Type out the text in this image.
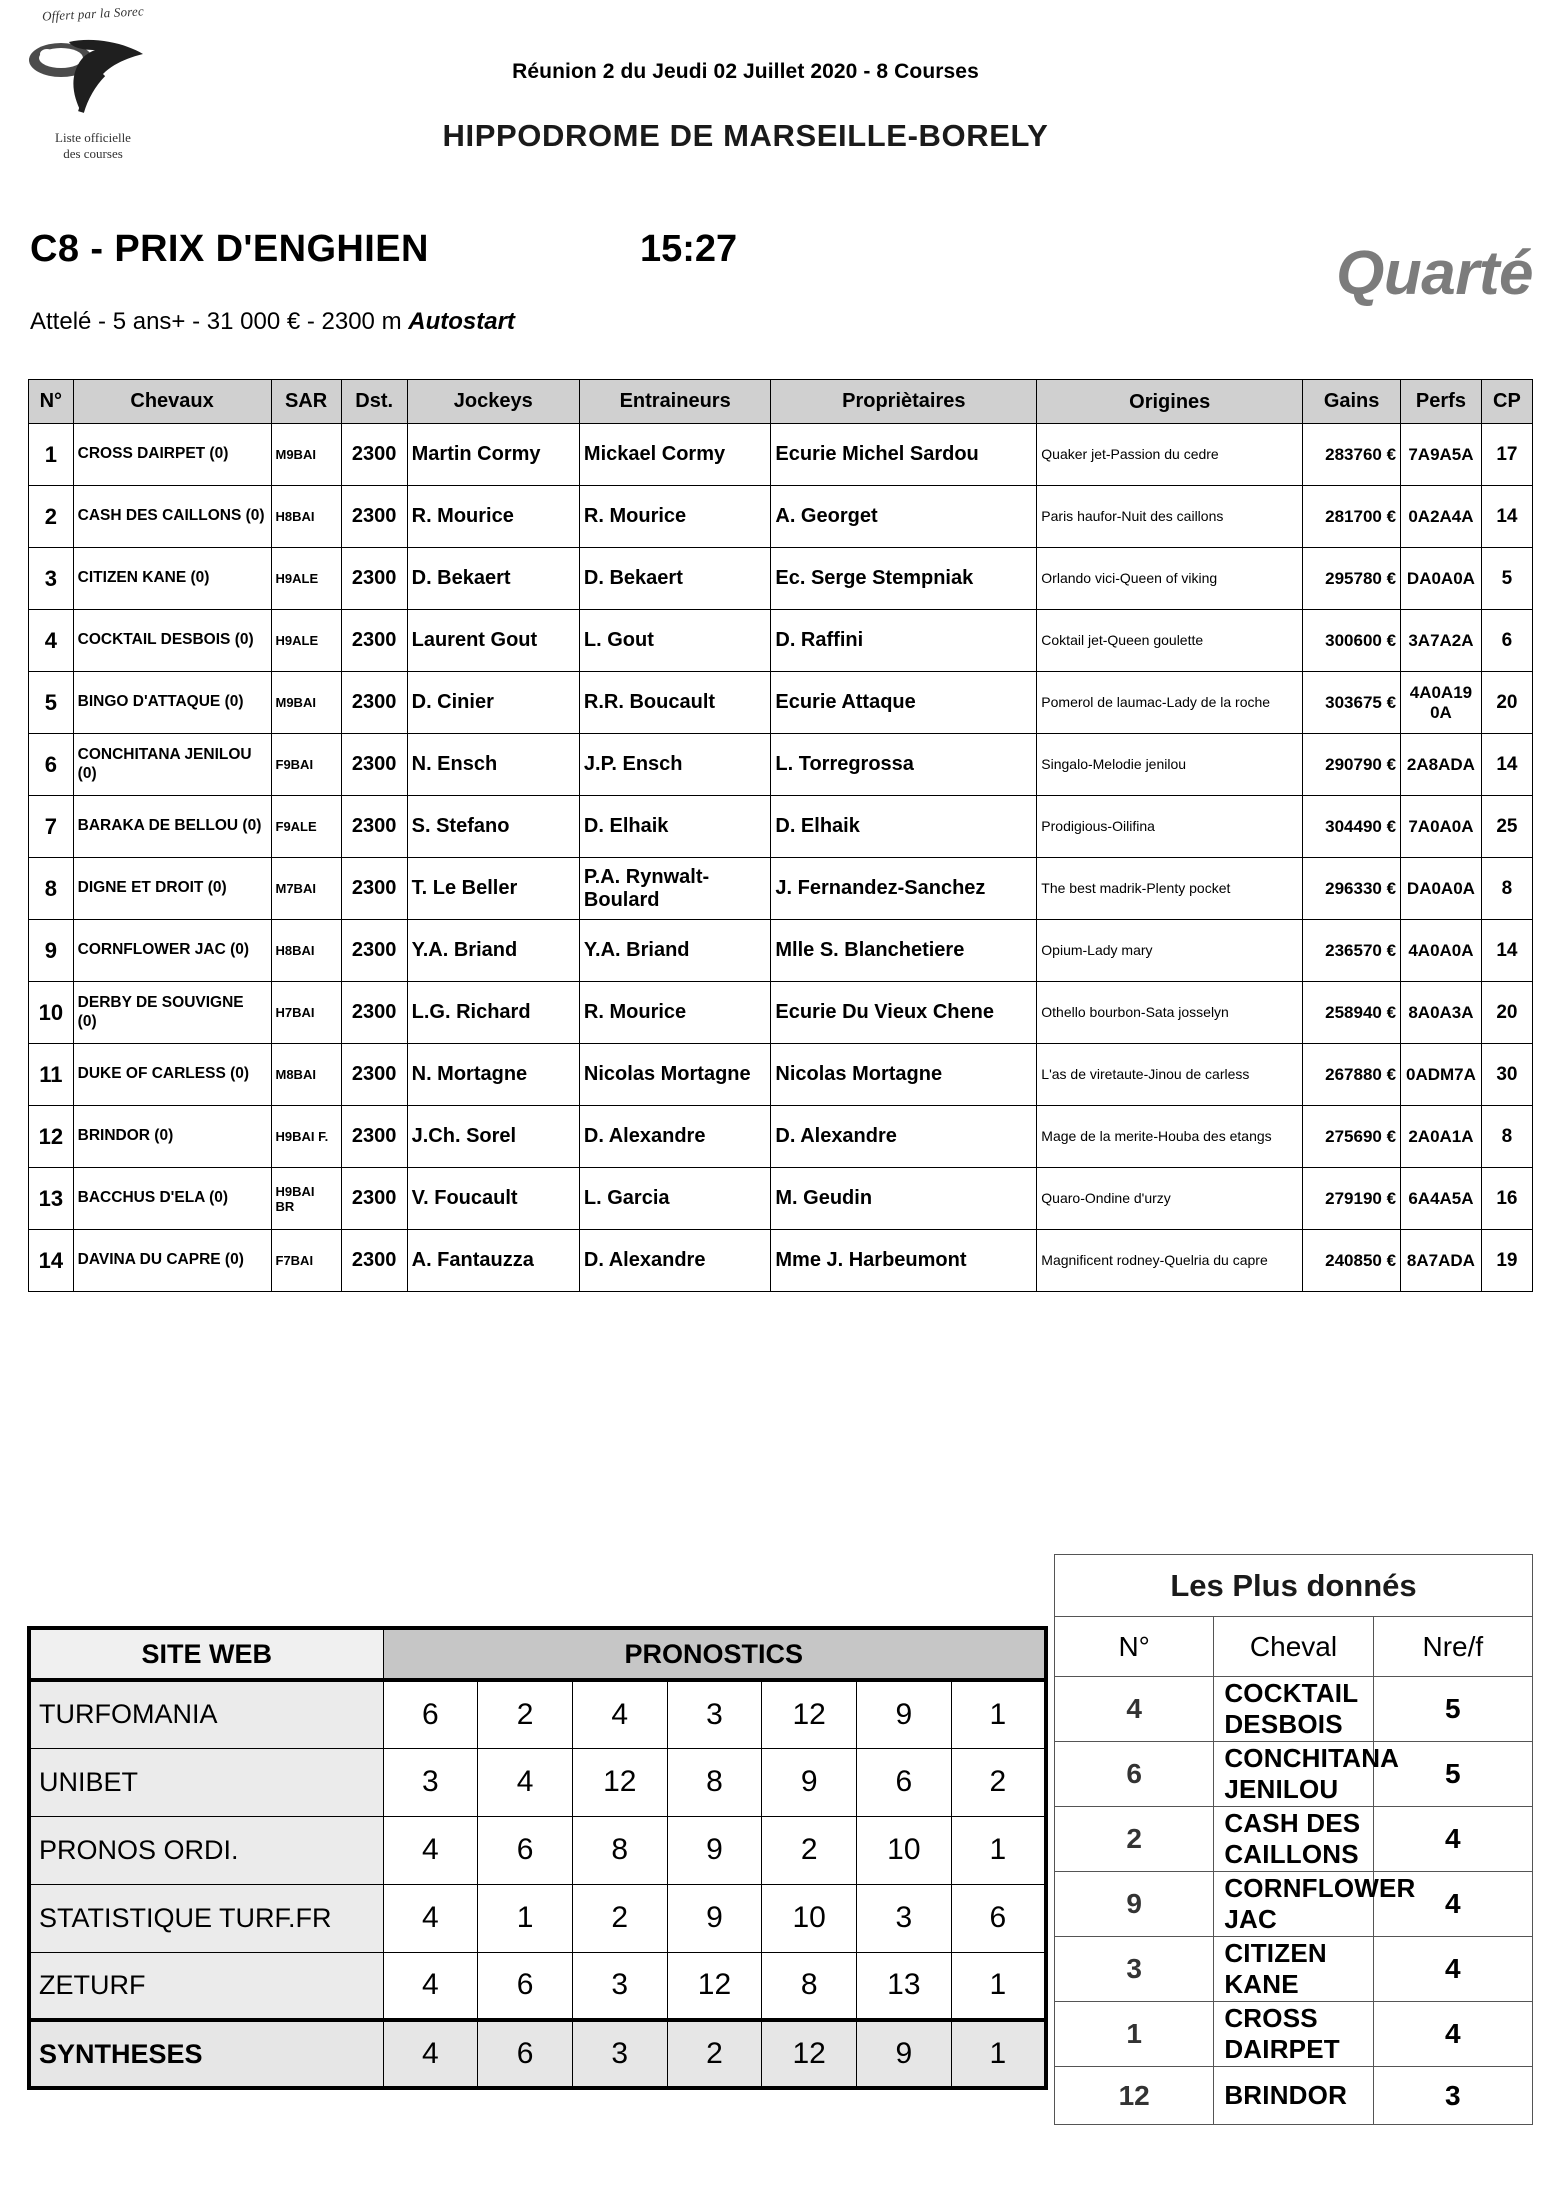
Offert par la Sorec
Liste officielle
des courses
Réunion 2 du Jeudi 02 Juillet 2020 - 8 Courses
HIPPODROME DE MARSEILLE-BORELY
C8 - PRIX D'ENGHIEN	15:27
Attelé - 5 ans+ - 31 000 € - 2300 m Autostart
Quarté
N°	Chevaux	SAR	Dst.	Jockeys	Entraineurs	Propriètaires	Origines	Gains	Perfs	CP
1	CROSS DAIRPET (0)	M9BAI	2300	Martin Cormy	Mickael Cormy	Ecurie Michel Sardou	Quaker jet-Passion du cedre	283760 €	7A9A5A	17
2	CASH DES CAILLONS (0)	H8BAI	2300	R. Mourice	R. Mourice	A. Georget	Paris haufor-Nuit des caillons	281700 €	0A2A4A	14
3	CITIZEN KANE (0)	H9ALE	2300	D. Bekaert	D. Bekaert	Ec. Serge Stempniak	Orlando vici-Queen of viking	295780 €	DA0A0A	5
4	COCKTAIL DESBOIS (0)	H9ALE	2300	Laurent Gout	L. Gout	D. Raffini	Coktail jet-Queen goulette	300600 €	3A7A2A	6
5	BINGO D'ATTAQUE (0)	M9BAI	2300	D. Cinier	R.R. Boucault	Ecurie Attaque	Pomerol de laumac-Lady de la roche	303675 €	4A0A19 0A	20
6	CONCHITANA JENILOU (0)	F9BAI	2300	N. Ensch	J.P. Ensch	L. Torregrossa	Singalo-Melodie jenilou	290790 €	2A8ADA	14
7	BARAKA DE BELLOU (0)	F9ALE	2300	S. Stefano	D. Elhaik	D. Elhaik	Prodigious-Oilifina	304490 €	7A0A0A	25
8	DIGNE ET DROIT (0)	M7BAI	2300	T. Le Beller	P.A. Rynwalt-Boulard	J. Fernandez-Sanchez	The best madrik-Plenty pocket	296330 €	DA0A0A	8
9	CORNFLOWER JAC (0)	H8BAI	2300	Y.A. Briand	Y.A. Briand	Mlle S. Blanchetiere	Opium-Lady mary	236570 €	4A0A0A	14
10	DERBY DE SOUVIGNE (0)	H7BAI	2300	L.G. Richard	R. Mourice	Ecurie Du Vieux Chene	Othello bourbon-Sata josselyn	258940 €	8A0A3A	20
11	DUKE OF CARLESS (0)	M8BAI	2300	N. Mortagne	Nicolas Mortagne	Nicolas Mortagne	L'as de viretaute-Jinou de carless	267880 €	0ADM7A	30
12	BRINDOR (0)	H9BAI F.	2300	J.Ch. Sorel	D. Alexandre	D. Alexandre	Mage de la merite-Houba des etangs	275690 €	2A0A1A	8
13	BACCHUS D'ELA (0)	H9BAI BR	2300	V. Foucault	L. Garcia	M. Geudin	Quaro-Ondine d'urzy	279190 €	6A4A5A	16
14	DAVINA DU CAPRE (0)	F7BAI	2300	A. Fantauzza	D. Alexandre	Mme J. Harbeumont	Magnificent rodney-Quelria du capre	240850 €	8A7ADA	19
SITE WEB	PRONOSTICS						
TURFOMANIA	6	2	4	3	12	9	1
UNIBET	3	4	12	8	9	6	2
PRONOS ORDI.	4	6	8	9	2	10	1
STATISTIQUE TURF.FR	4	1	2	9	10	3	6
ZETURF	4	6	3	12	8	13	1
SYNTHESES	4	6	3	2	12	9	1
Les Plus donnés		
N°	Cheval	Nre/f
4	COCKTAIL DESBOIS	5
6	CONCHITANA JENILOU	5
2	CASH DES CAILLONS	4
9	CORNFLOWER JAC	4
3	CITIZEN KANE	4
1	CROSS DAIRPET	4
12	BRINDOR	3
